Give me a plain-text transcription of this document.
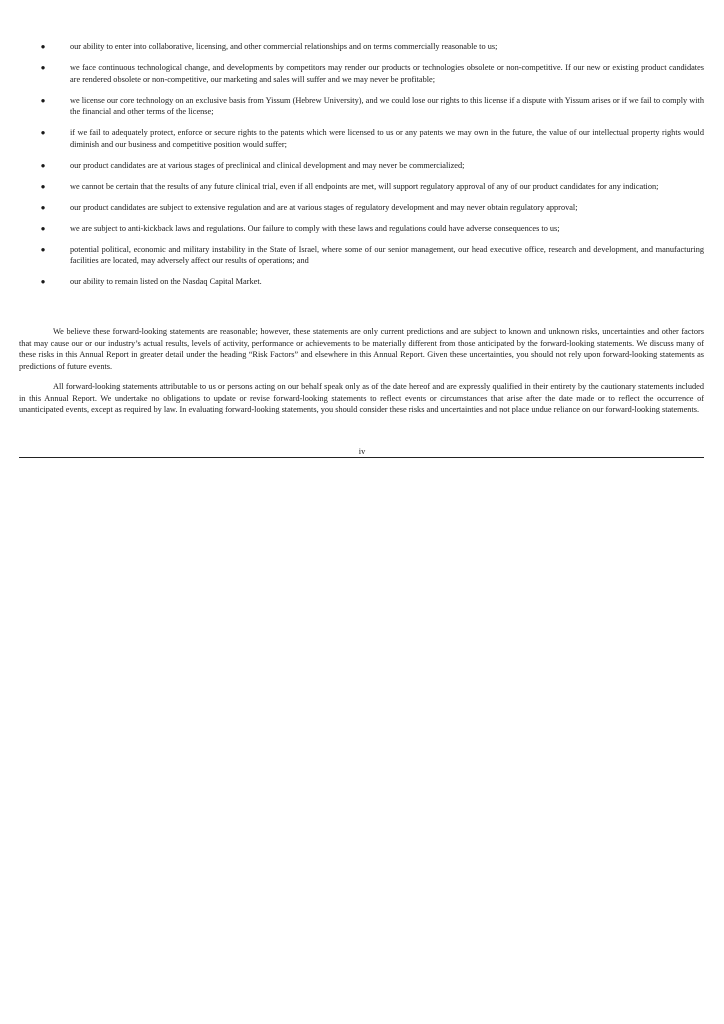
●	our ability to enter into collaborative, licensing, and other commercial relationships and on terms commercially reasonable to us;
●	we face continuous technological change, and developments by competitors may render our products or technologies obsolete or non-competitive. If our new or existing product candidates are rendered obsolete or non-competitive, our marketing and sales will suffer and we may never be profitable;
●	we license our core technology on an exclusive basis from Yissum (Hebrew University), and we could lose our rights to this license if a dispute with Yissum arises or if we fail to comply with the financial and other terms of the license;
●	if we fail to adequately protect, enforce or secure rights to the patents which were licensed to us or any patents we may own in the future, the value of our intellectual property rights would diminish and our business and competitive position would suffer;
●	our product candidates are at various stages of preclinical and clinical development and may never be commercialized;
●	we cannot be certain that the results of any future clinical trial, even if all endpoints are met, will support regulatory approval of any of our product candidates for any indication;
●	our product candidates are subject to extensive regulation and are at various stages of regulatory development and may never obtain regulatory approval;
●	we are subject to anti-kickback laws and regulations. Our failure to comply with these laws and regulations could have adverse consequences to us;
●	potential political, economic and military instability in the State of Israel, where some of our senior management, our head executive office, research and development, and manufacturing facilities are located, may adversely affect our results of operations; and
●	our ability to remain listed on the Nasdaq Capital Market.

We believe these forward-looking statements are reasonable; however, these statements are only current predictions and are subject to known and unknown risks, uncertainties and other factors that may cause our or our industry’s actual results, levels of activity, performance or achievements to be materially different from those anticipated by the forward-looking statements. We discuss many of these risks in this Annual Report in greater detail under the heading “Risk Factors” and elsewhere in this Annual Report. Given these uncertainties, you should not rely upon forward-looking statements as predictions of future events.

All forward-looking statements attributable to us or persons acting on our behalf speak only as of the date hereof and are expressly qualified in their entirety by the cautionary statements included in this Annual Report. We undertake no obligations to update or revise forward-looking statements to reflect events or circumstances that arise after the date made or to reflect the occurrence of unanticipated events, except as required by law. In evaluating forward-looking statements, you should consider these risks and uncertainties and not place undue reliance on our forward-looking statements.

iv
